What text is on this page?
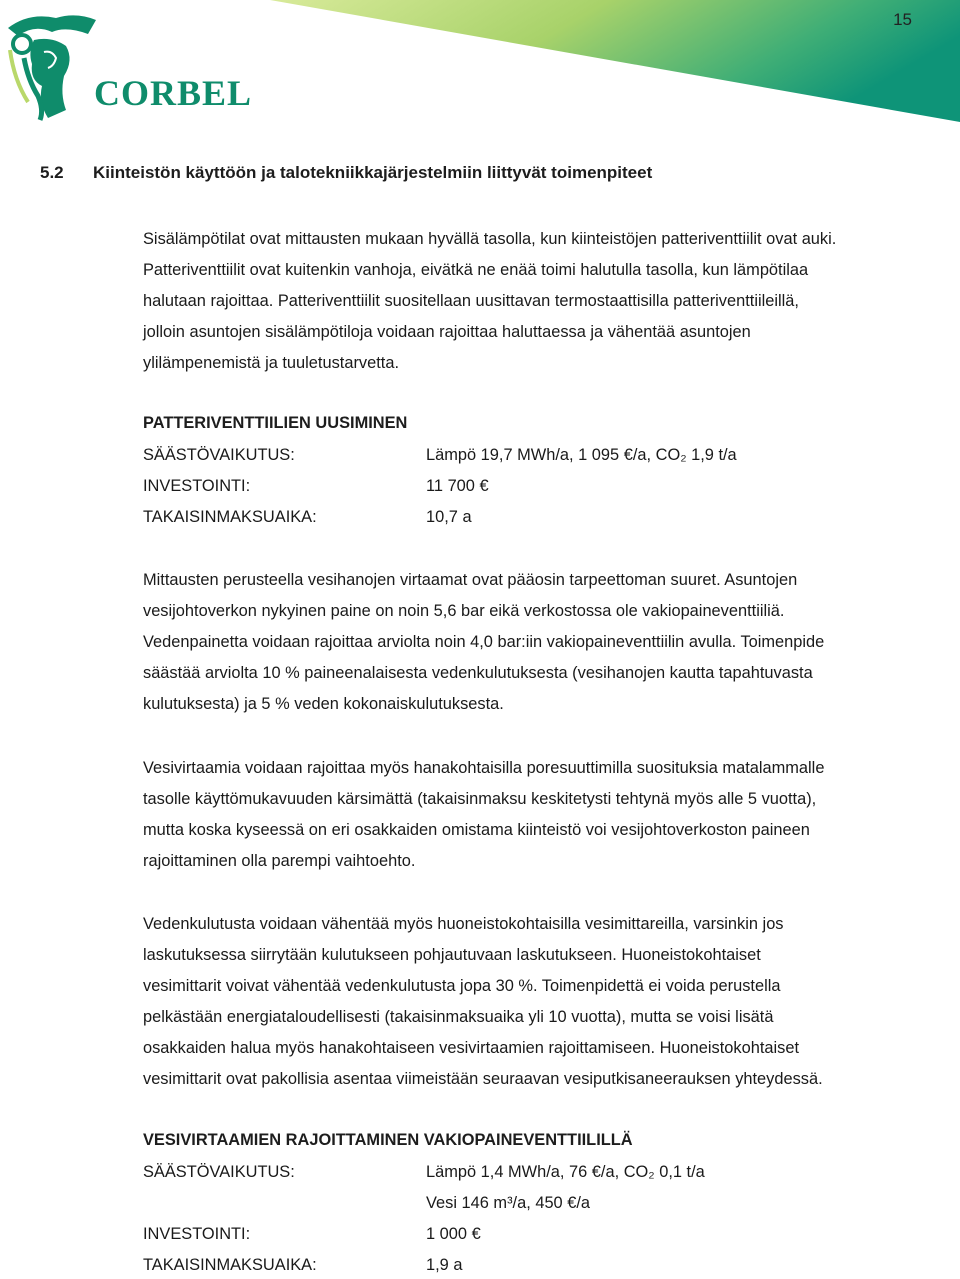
15
CORBEL
5.2 Kiinteistön käyttöön ja talotekniikkajärjestelmiin liittyvät toimenpiteet

Sisälämpötilat ovat mittausten mukaan hyvällä tasolla, kun kiinteistöjen patteriventtiilit ovat auki.
Patteriventtiilit ovat kuitenkin vanhoja, eivätkä ne enää toimi halutulla tasolla, kun lämpötilaa
halutaan rajoittaa. Patteriventtiilit suositellaan uusittavan termostaattisilla patteriventtiileillä,
jolloin asuntojen sisälämpötiloja voidaan rajoittaa haluttaessa ja vähentää asuntojen
ylilämpenemistä ja tuuletustarvetta.

PATTERIVENTTIILIEN UUSIMINEN
SÄÄSTÖVAIKUTUS:	Lämpö 19,7 MWh/a, 1 095 €/a, CO₂ 1,9 t/a
INVESTOINTI:	11 700 €
TAKAISINMAKSUAIKA:	10,7 a

Mittausten perusteella vesihanojen virtaamat ovat pääosin tarpeettoman suuret. Asuntojen
vesijohtoverkon nykyinen paine on noin 5,6 bar eikä verkostossa ole vakiopaineventtiiliä.
Vedenpainetta voidaan rajoittaa arviolta noin 4,0 bar:iin vakiopaineventtiilin avulla. Toimenpide
säästää arviolta 10 % paineenalaisesta vedenkulutuksesta (vesihanojen kautta tapahtuvasta
kulutuksesta) ja 5 % veden kokonaiskulutuksesta.

Vesivirtaamia voidaan rajoittaa myös hanakohtaisilla poresuuttimilla suosituksia matalammalle
tasolle käyttömukavuuden kärsimättä (takaisinmaksu keskitetysti tehtynä myös alle 5 vuotta),
mutta koska kyseessä on eri osakkaiden omistama kiinteistö voi vesijohtoverkoston paineen
rajoittaminen olla parempi vaihtoehto.

Vedenkulutusta voidaan vähentää myös huoneistokohtaisilla vesimittareilla, varsinkin jos
laskutuksessa siirrytään kulutukseen pohjautuvaan laskutukseen. Huoneistokohtaiset
vesimittarit voivat vähentää vedenkulutusta jopa 30 %. Toimenpidettä ei voida perustella
pelkästään energiataloudellisesti (takaisinmaksuaika yli 10 vuotta), mutta se voisi lisätä
osakkaiden halua myös hanakohtaiseen vesivirtaamien rajoittamiseen. Huoneistokohtaiset
vesimittarit ovat pakollisia asentaa viimeistään seuraavan vesiputkisaneerauksen yhteydessä.

VESIVIRTAAMIEN RAJOITTAMINEN VAKIOPAINEVENTTIILILLÄ
SÄÄSTÖVAIKUTUS:	Lämpö 1,4 MWh/a, 76 €/a, CO₂ 0,1 t/a
Vesi 146 m³/a, 450 €/a
INVESTOINTI:	1 000 €
TAKAISINMAKSUAIKA:	1,9 a
